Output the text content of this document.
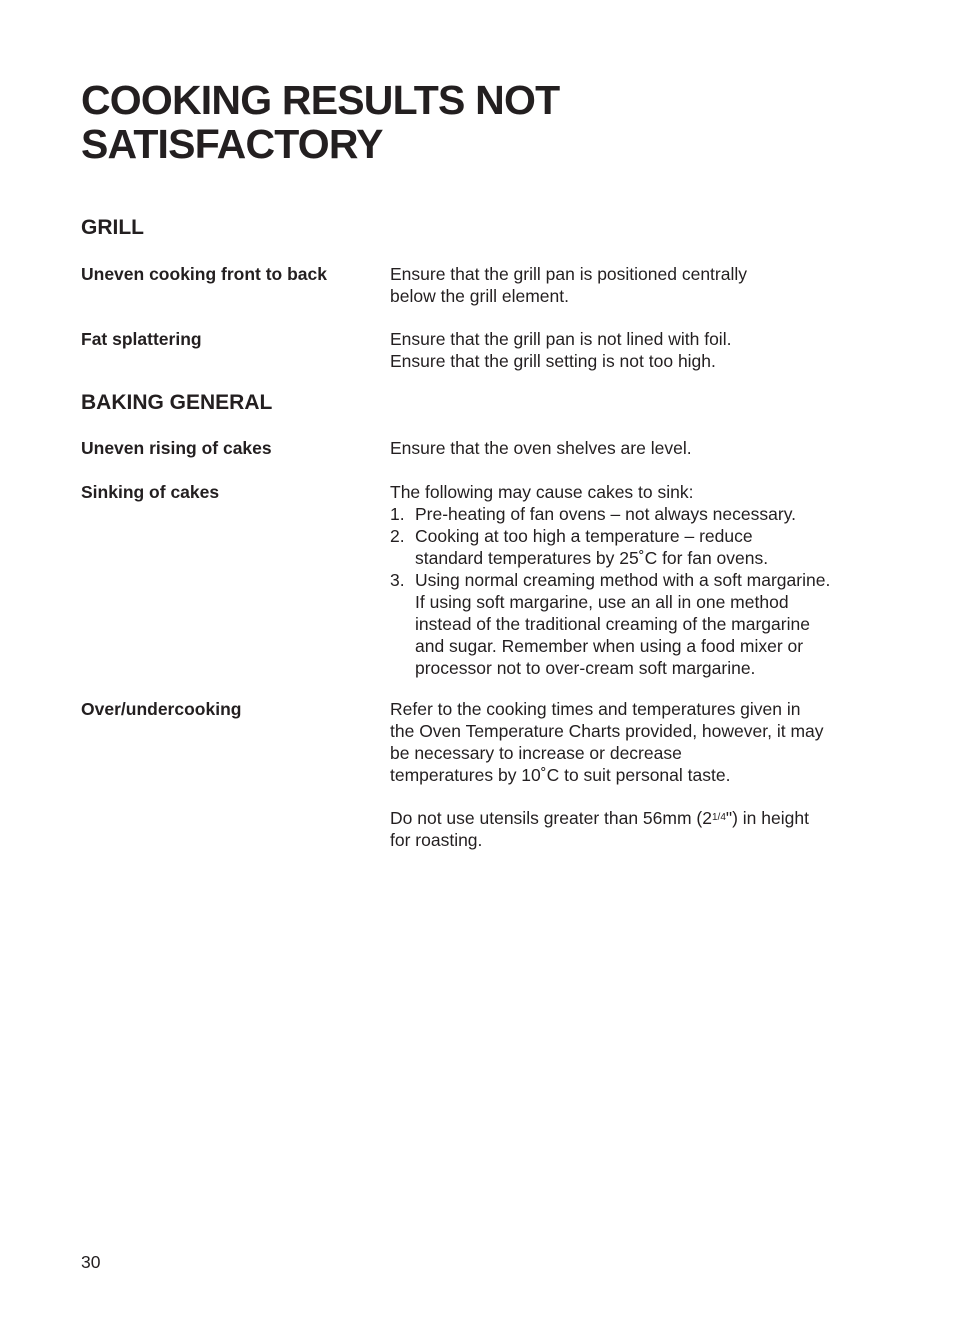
COOKING RESULTS NOT
SATISFACTORY
GRILL
Uneven cooking front to back	Ensure that the grill pan is positioned centrally
below the grill element.
Fat splattering	Ensure that the grill pan is not lined with foil.
Ensure that the grill setting is not too high.
BAKING GENERAL
Uneven rising of cakes	Ensure that the oven shelves are level.
Sinking of cakes	The following may cause cakes to sink:
1. Pre-heating of fan ovens – not always necessary.
2. Cooking at too high a temperature – reduce
standard temperatures by 25˚C for fan ovens.
3. Using normal creaming method with a soft margarine.
If using soft margarine, use an all in one method
instead of the traditional creaming of the margarine
and sugar. Remember when using a food mixer or
processor not to over-cream soft margarine.
Over/undercooking	Refer to the cooking times and temperatures given in
the Oven Temperature Charts provided, however, it may
be necessary to increase or decrease
temperatures by 10˚C to suit personal taste.
Do not use utensils greater than 56mm $(2^{1/4}")$ in height
for roasting.
30
